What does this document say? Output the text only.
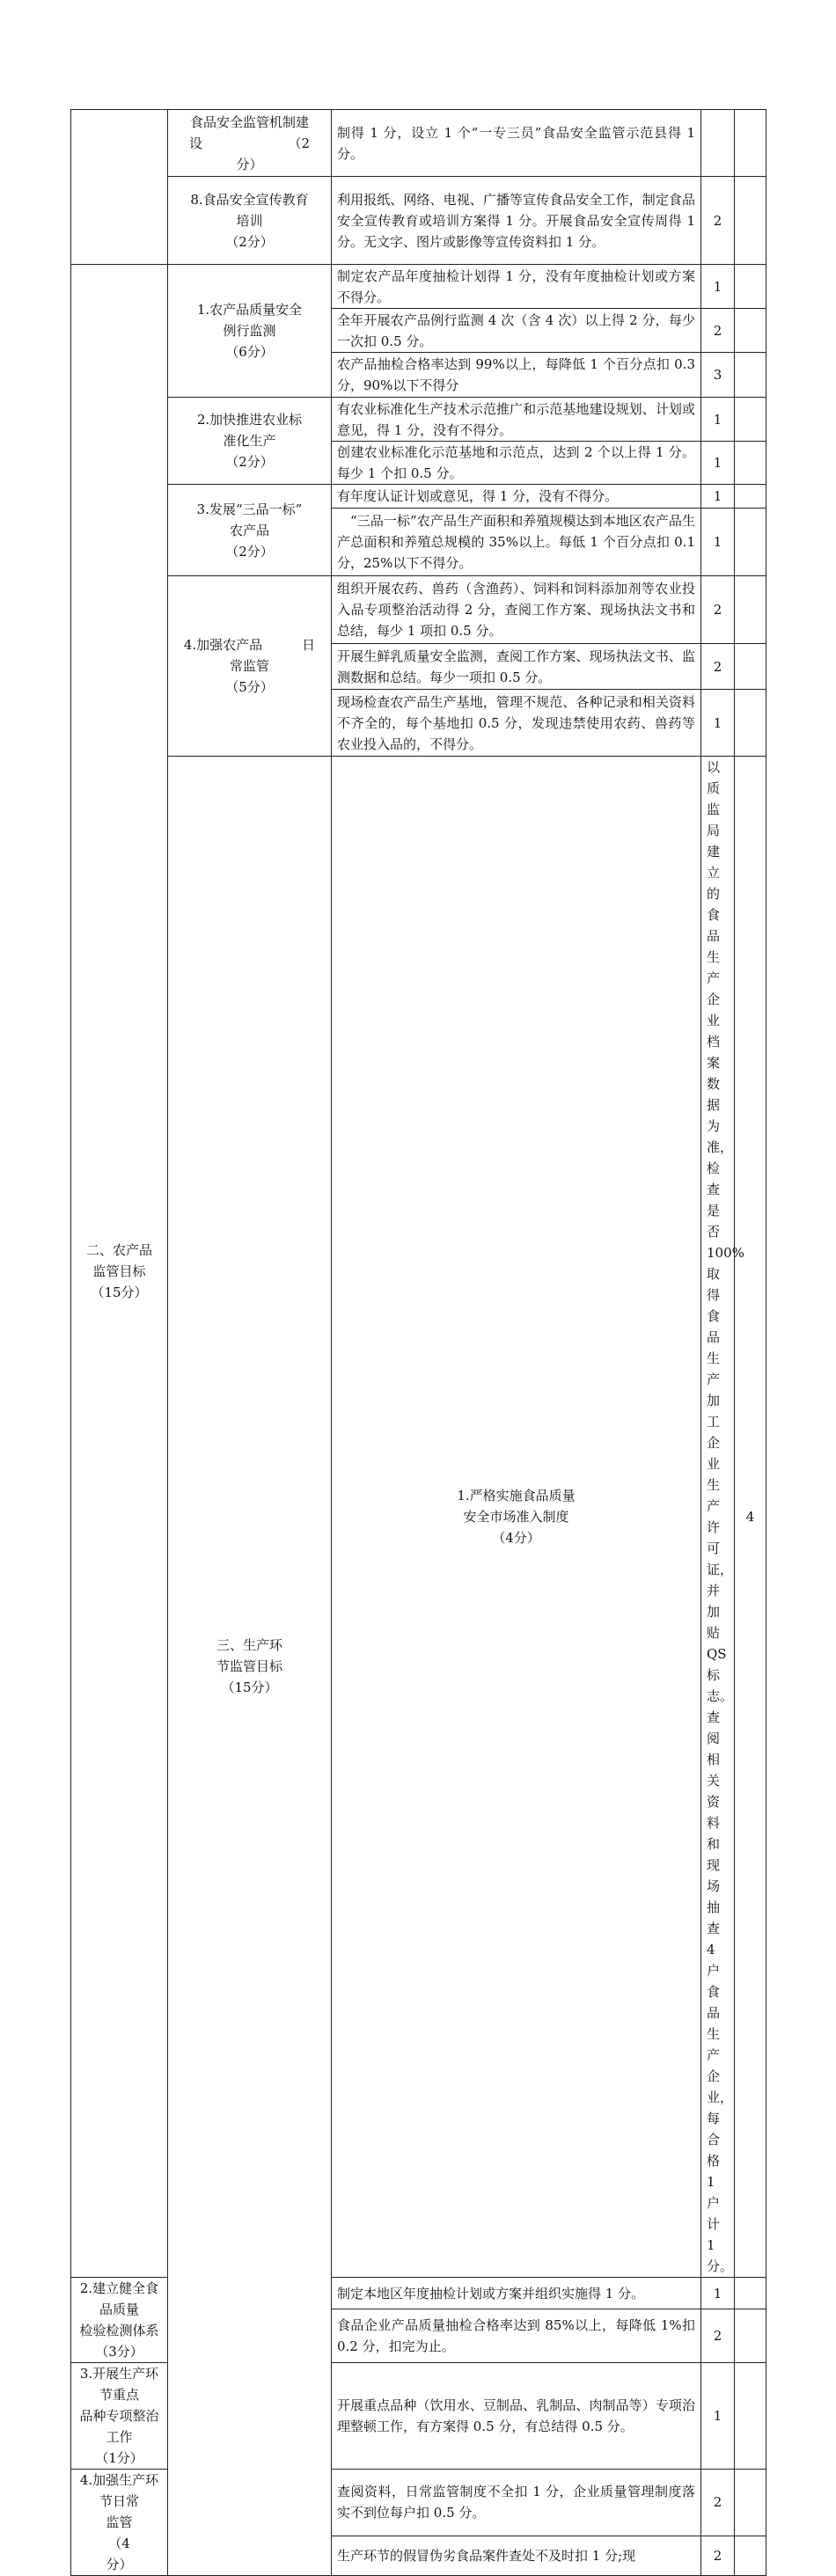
	食品安全监管机制建
设　　　　　　　（2
分）	制得 1 分，设立 1 个“一专三员”食品安全监管示范县得 1 分。			
	8.食品安全宣传教育
培训
（2分）	利用报纸、网络、电视、广播等宣传食品安全工作，制定食品安全宣传教育或培训方案得 1 分。开展食品安全宣传周得 1 分。无文字、图片或影像等宣传资料扣 1 分。	2		
二、农产品
监管目标
（15分）	1.农产品质量安全
例行监测
（6分）	制定农产品年度抽检计划得 1 分，没有年度抽检计划或方案不得分。	1		
		全年开展农产品例行监测 4 次（含 4 次）以上得 2 分，每少一次扣 0.5 分。	2		
		农产品抽检合格率达到 99%以上，每降低 1 个百分点扣 0.3 分，90%以下不得分	3		
	2.加快推进农业标
准化生产
（2分）	有农业标准化生产技术示范推广和示范基地建设规划、计划或意见，得 1 分，没有不得分。	1		
		创建农业标准化示范基地和示范点，达到 2 个以上得 1 分。每少 1 个扣 0.5 分。	1		
	3.发展“三品一标”
农产品
（2分）	有年度认证计划或意见，得 1 分，没有不得分。	1		
		　“三品一标”农产品生产面积和养殖规模达到本地区农产品生产总面积和养殖总规模的 35%以上。每低 1 个百分点扣 0.1 分，25%以下不得分。	1		
	4.加强农产品　　　日
常监管
（5分）	组织开展农药、兽药（含渔药）、饲料和饲料添加剂等农业投入品专项整治活动得 2 分，查阅工作方案、现场执法文书和总结，每少 1 项扣 0.5 分。	2		
		开展生鲜乳质量安全监测，查阅工作方案、现场执法文书、监测数据和总结。每少一项扣 0.5 分。	2		
		现场检查农产品生产基地，管理不规范、各种记录和相关资料不齐全的，每个基地扣 0.5 分，发现违禁使用农药、兽药等农业投入品的，不得分。	1		
	三、生产环
节监管目标
（15分）	1.严格实施食品质量
安全市场准入制度
（4分）	以质监局建立的食品生产企业档案数据为准，检查是否 100%取得食品生产加工企业生产许可证，并加贴 QS 标志。查阅相关资料和现场抽查 4 户食品生产企业，每合格 1 户计 1 分。	4	
2.建立健全食品质量
检验检测体系
（3分）		制定本地区年度抽检计划或方案并组织实施得 1 分。	1		
		食品企业产品质量抽检合格率达到 85%以上，每降低 1%扣 0.2 分，扣完为止。	2		
3.开展生产环节重点
品种专项整治工作
（1分）		开展重点品种（饮用水、豆制品、乳制品、肉制品等）专项治理整顿工作，有方案得 0.5 分，有总结得 0.5 分。	1		
4.加强生产环节日常
监管　　　　　　（4
分）		查阅资料，日常监管制度不全扣 1 分，企业质量管理制度落实不到位每户扣 0.5 分。	2		
		生产环节的假冒伪劣食品案件查处不及时扣 1 分;现	2		
